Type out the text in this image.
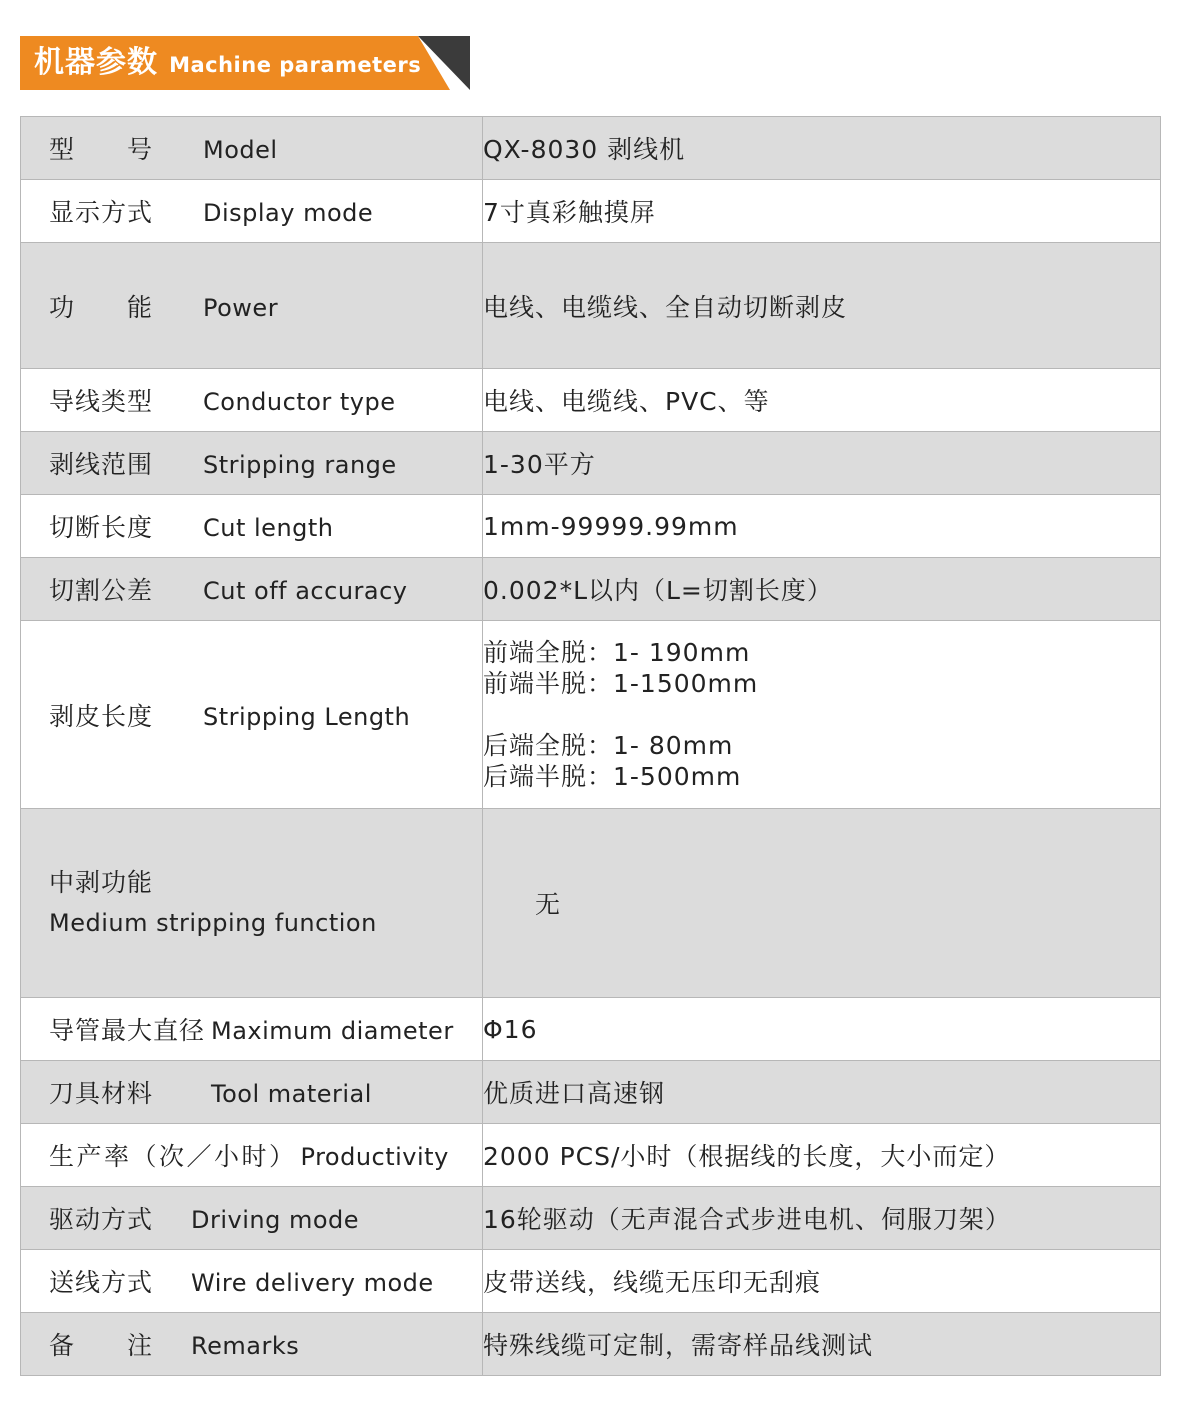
机器参数 Machine parameters
型　　号 Model	QX-8030 剥线机
显示方式 Display mode	7寸真彩触摸屏
功　　能 Power	电线、电缆线、全自动切断剥皮
导线类型 Conductor type	电线、电缆线、PVC、等
剥线范围 Stripping range	1-30平方
切断长度 Cut length	1mm-99999.99mm
切割公差 Cut off accuracy	0.002*L以内（L=切割长度）
剥皮长度 Stripping Length	前端全脱：1- 190mm
前端半脱：1-1500mm
后端全脱：1- 80mm
后端半脱：1-500mm

中剥功能
Medium stripping function	无
导管最大直径 Maximum diameter	Φ16
刀具材料 Tool material	优质进口高速钢
生产率（次／小时） Productivity	2000 PCS/小时（根据线的长度，大小而定）
驱动方式 Driving mode	16轮驱动（无声混合式步进电机、伺服刀架）
送线方式 Wire delivery mode	皮带送线，线缆无压印无刮痕
备　　注 Remarks	特殊线缆可定制，需寄样品线测试
